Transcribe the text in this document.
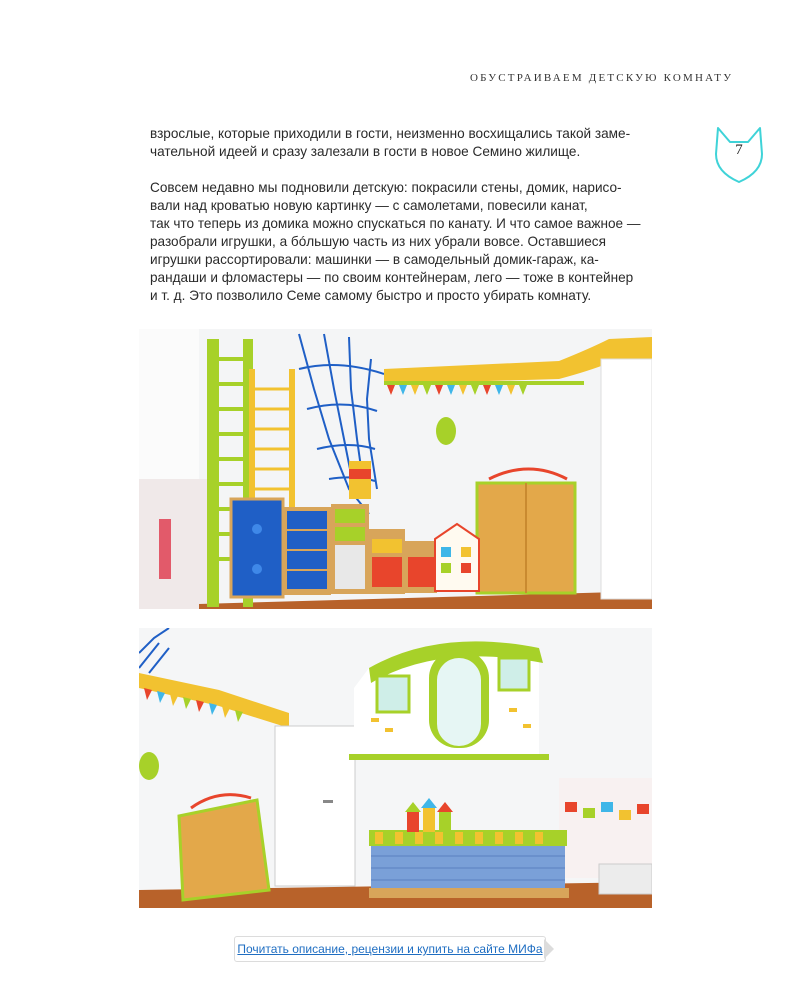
ОБУСТРАИВАЕМ ДЕТСКУЮ КОМНАТУ
7
взрослые, которые приходили в гости, неизменно восхищались такой заме-
чательной идеей и сразу залезали в гости в новое Семино жилище.
Совсем недавно мы подновили детскую: покрасили стены, домик, нарисо-
вали над кроватью новую картинку — с самолетами, повесили канат,
так что теперь из домика можно спускаться по канату. И что самое важное —
разобрали игрушки, а бóльшую часть из них убрали вовсе. Оставшиеся
игрушки рассортировали: машинки — в самодельный домик-гараж, ка-
рандаши и фломастеры — по своим контейнерам, лего — тоже в контейнер
и т. д. Это позволило Семе самому быстро и просто убирать комнату.
Почитать описание, рецензии и купить на сайте МИФа
